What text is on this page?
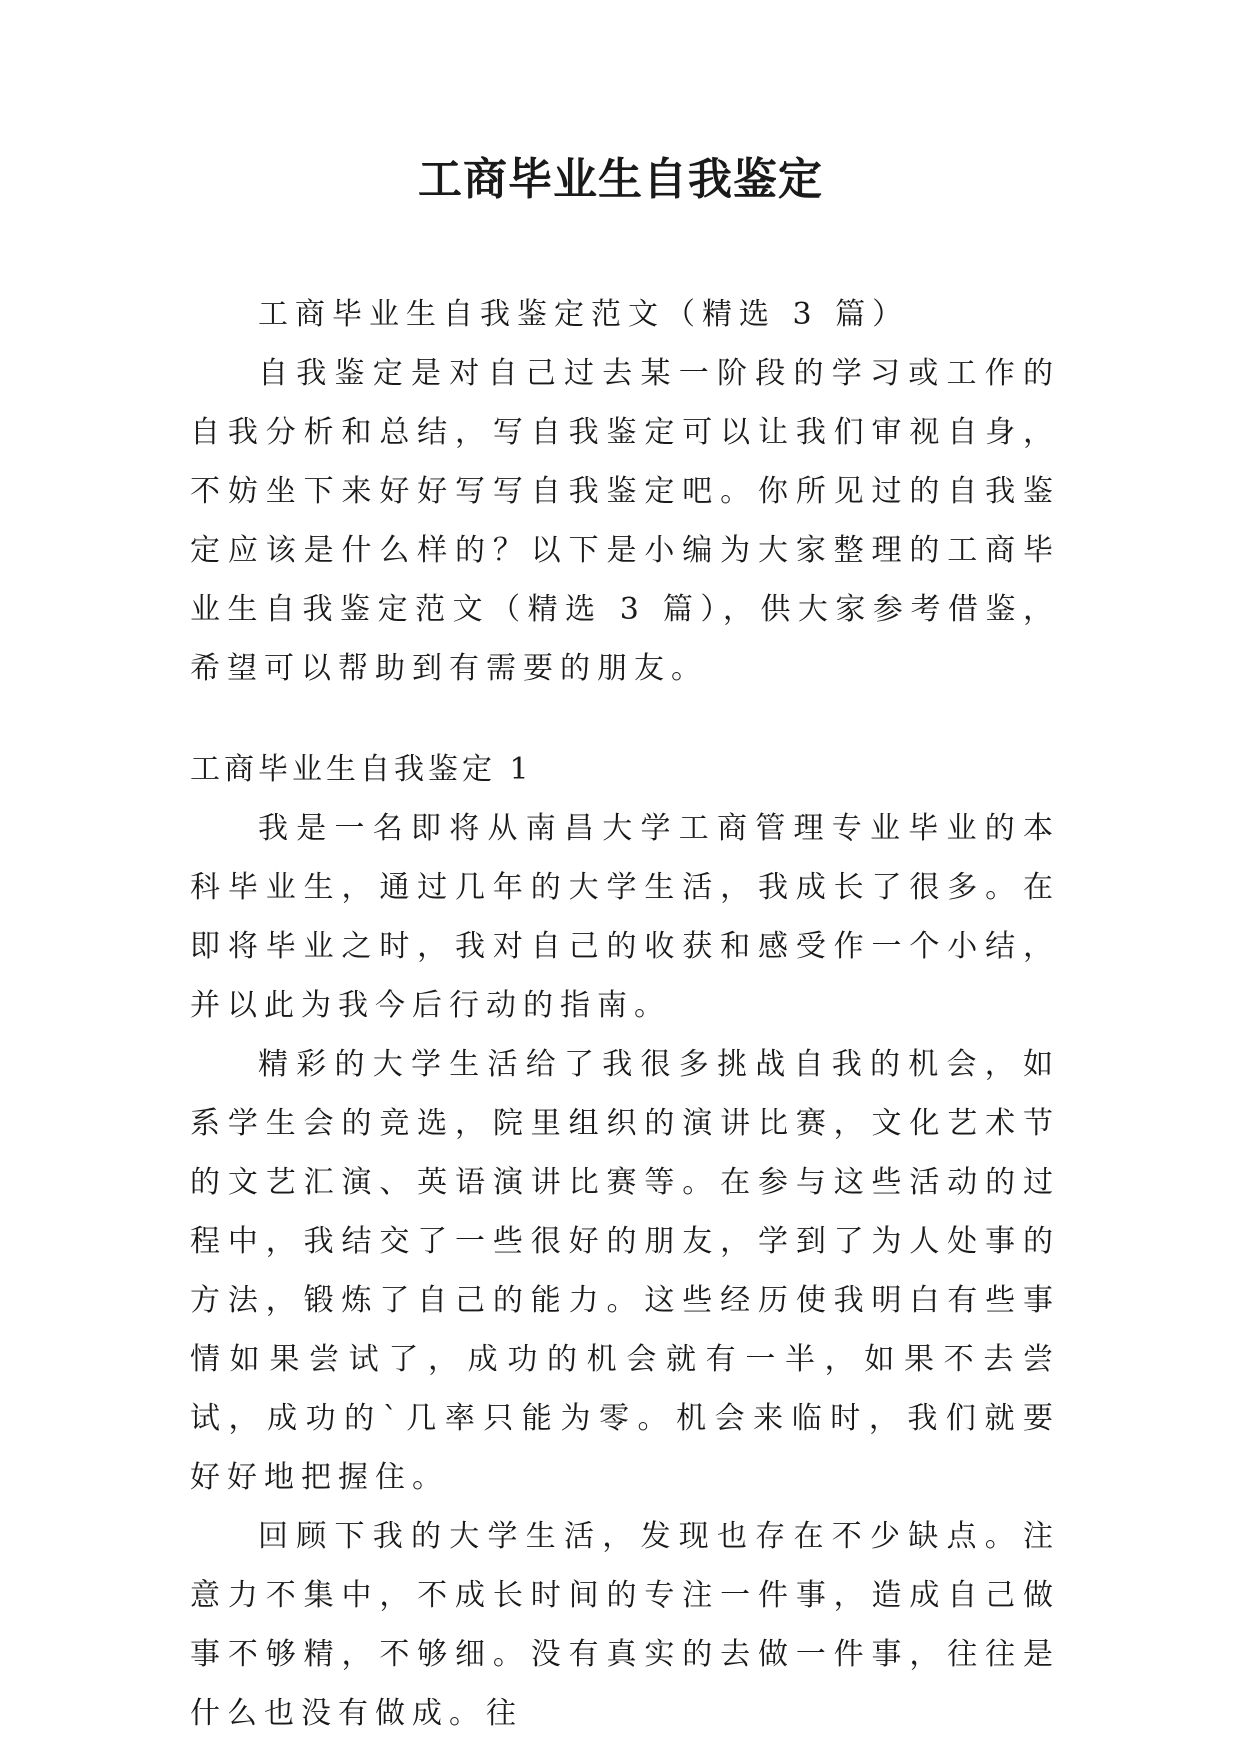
工商毕业生自我鉴定

工商毕业生自我鉴定范文（精选 3 篇）

自我鉴定是对自己过去某一阶段的学习或工作的自我分析和总结，写自我鉴定可以让我们审视自身，不妨坐下来好好写写自我鉴定吧。你所见过的自我鉴定应该是什么样的？以下是小编为大家整理的工商毕业生自我鉴定范文（精选 3 篇），供大家参考借鉴，希望可以帮助到有需要的朋友。

工商毕业生自我鉴定 1

我是一名即将从南昌大学工商管理专业毕业的本科毕业生，通过几年的大学生活，我成长了很多。在即将毕业之时，我对自己的收获和感受作一个小结，并以此为我今后行动的指南。

精彩的大学生活给了我很多挑战自我的机会，如系学生会的竞选，院里组织的演讲比赛，文化艺术节的文艺汇演、英语演讲比赛等。在参与这些活动的过程中，我结交了一些很好的朋友，学到了为人处事的方法，锻炼了自己的能力。这些经历使我明白有些事情如果尝试了，成功的机会就有一半，如果不去尝试，成功的`几率只能为零。机会来临时，我们就要好好地把握住。

回顾下我的大学生活，发现也存在不少缺点。注意力不集中，不成长时间的专注一件事，造成自己做事不够精，不够细。没有真实的去做一件事，往往是什么也没有做成。往
